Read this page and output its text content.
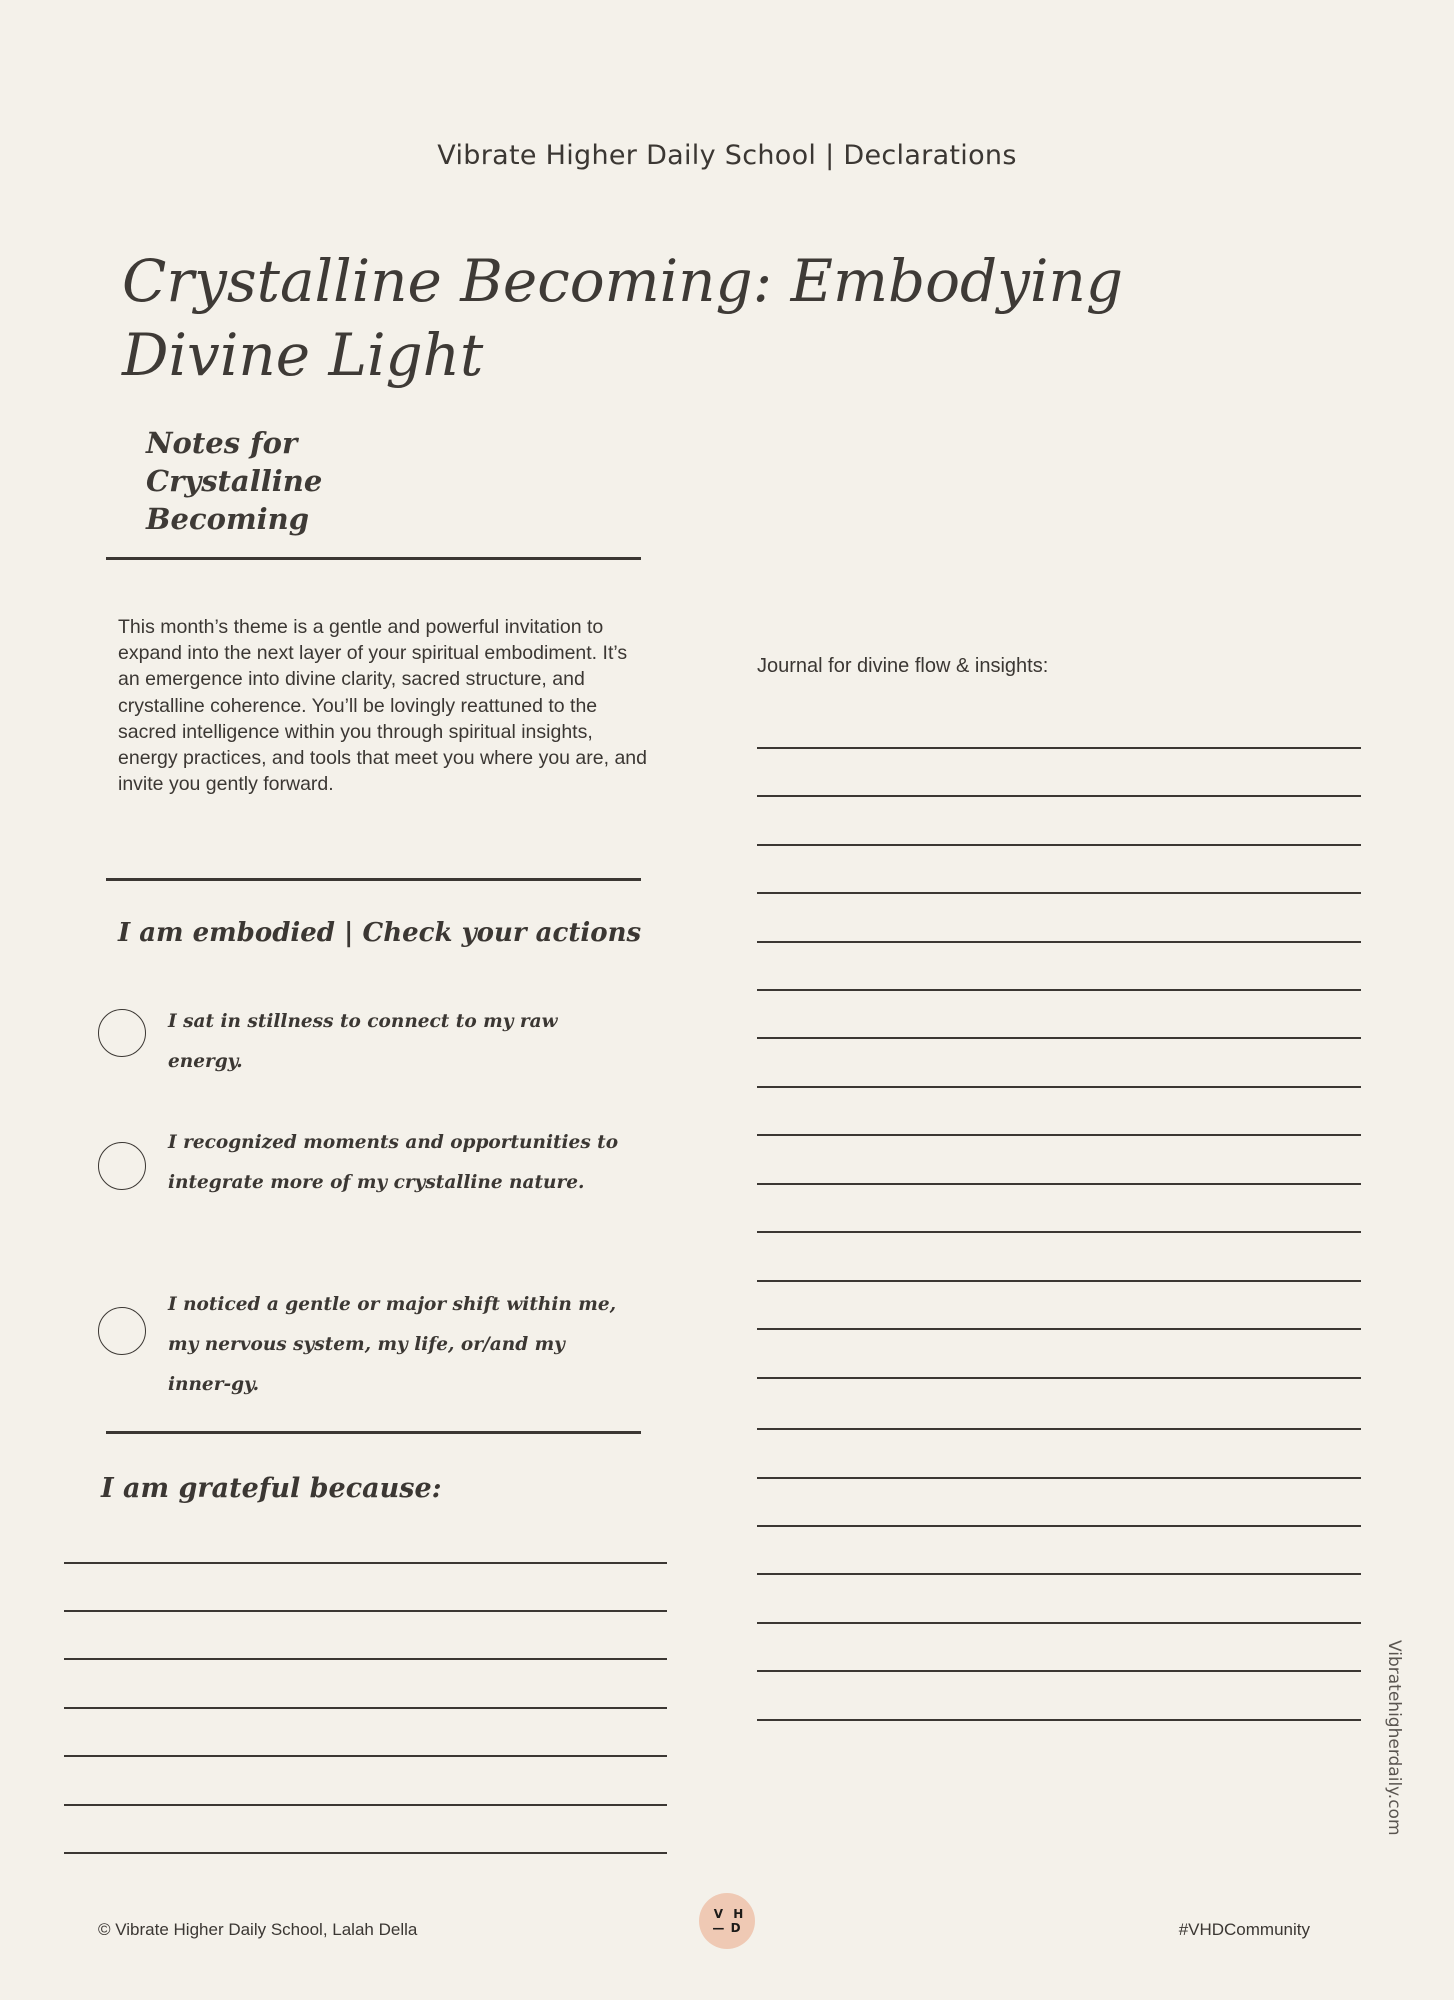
Vibrate Higher Daily School | Declarations
Crystalline Becoming: Embodying Divine Light
Notes for Crystalline Becoming
This month’s theme is a gentle and powerful invitation to expand into the next layer of your spiritual embodiment. It’s an emergence into divine clarity, sacred structure, and crystalline coherence. You’ll be lovingly reattuned to the sacred intelligence within you through spiritual insights, energy practices, and tools that meet you where you are, and invite you gently forward.
I am embodied | Check your actions
I sat in stillness to connect to my raw energy.
I recognized moments and opportunities to integrate more of my crystalline nature.
I noticed a gentle or major shift within me, my nervous system, my life, or/and my inner-gy.
I am grateful because:
Journal for divine flow & insights:
Vibratehigherdaily.com
© Vibrate Higher Daily School, Lalah Della
V H
— D	#VHDCommunity
